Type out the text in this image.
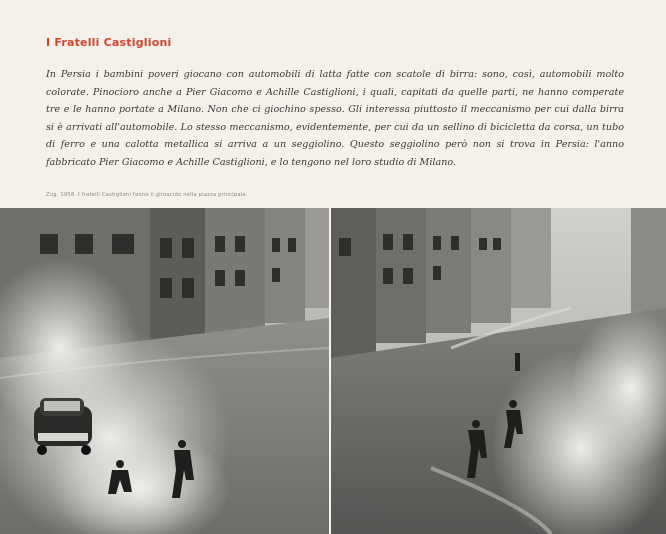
I Fratelli Castiglioni
In Persia i bambini poveri giocano con automobili di latta fatte con scatole di birra: sono, così, automobili molto colorate. Pinocioro anche a Pier Giacomo e Achille Castiglioni, i quali, capitati da quelle parti, ne hanno comperate tre e le hanno portate a Milano. Non che ci giochino spesso. Gli interessa piuttosto il meccanismo per cui dalla birra si è arrivati all'automobile. Lo stesso meccanismo, evidentemente, per cui da un sellino di bicicletta da corsa, un tubo di ferro e una calotta metallica si arriva a un seggiolino. Questo seggiolino però non si trova in Persia: l'anno fabbricato Pier Giacomo e Achille Castiglioni, e lo tengono nel loro studio di Milano.
Zug, 1958. I fratelli Castiglioni fanno il giroacido nella piazza principale.
